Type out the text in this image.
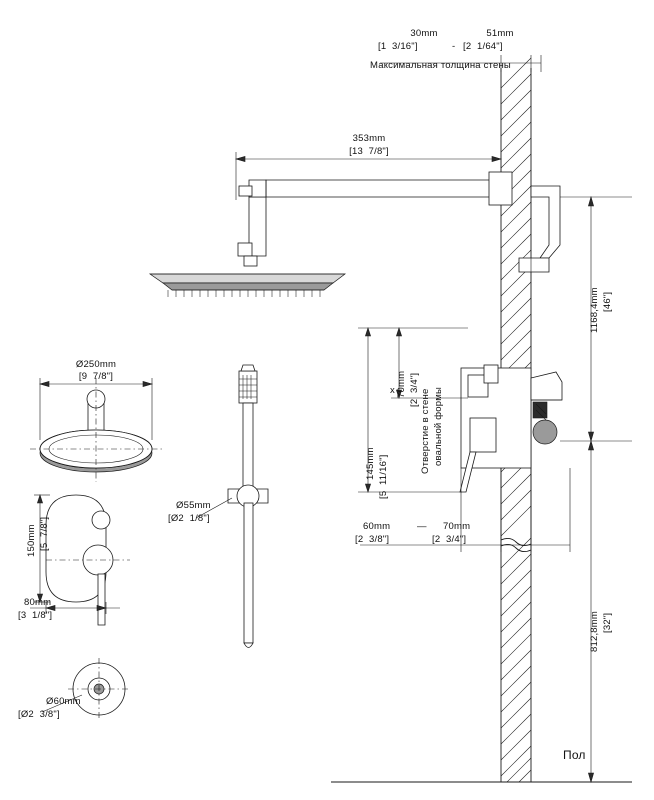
30mm	51mm
[1  3/16"]	- [2  1/64"]
Максимальная толщина стены
353mm
[13  7/8"]
1168,4mm [46"]
812,8mm [32"]
70mm [2  3/4"]
145mm [5  11/16"]
x	Отверстие в стене овальной формы
60mm	— 70mm
[2  3/8"]	[2  3/4"]
Ø250mm
[9  7/8"]
150mm [5  7/8"]
80mm
[3  1/8"]
Ø55mm
[Ø2  1/8"]
Ø60mm
[Ø2  3/8"]
Пол
